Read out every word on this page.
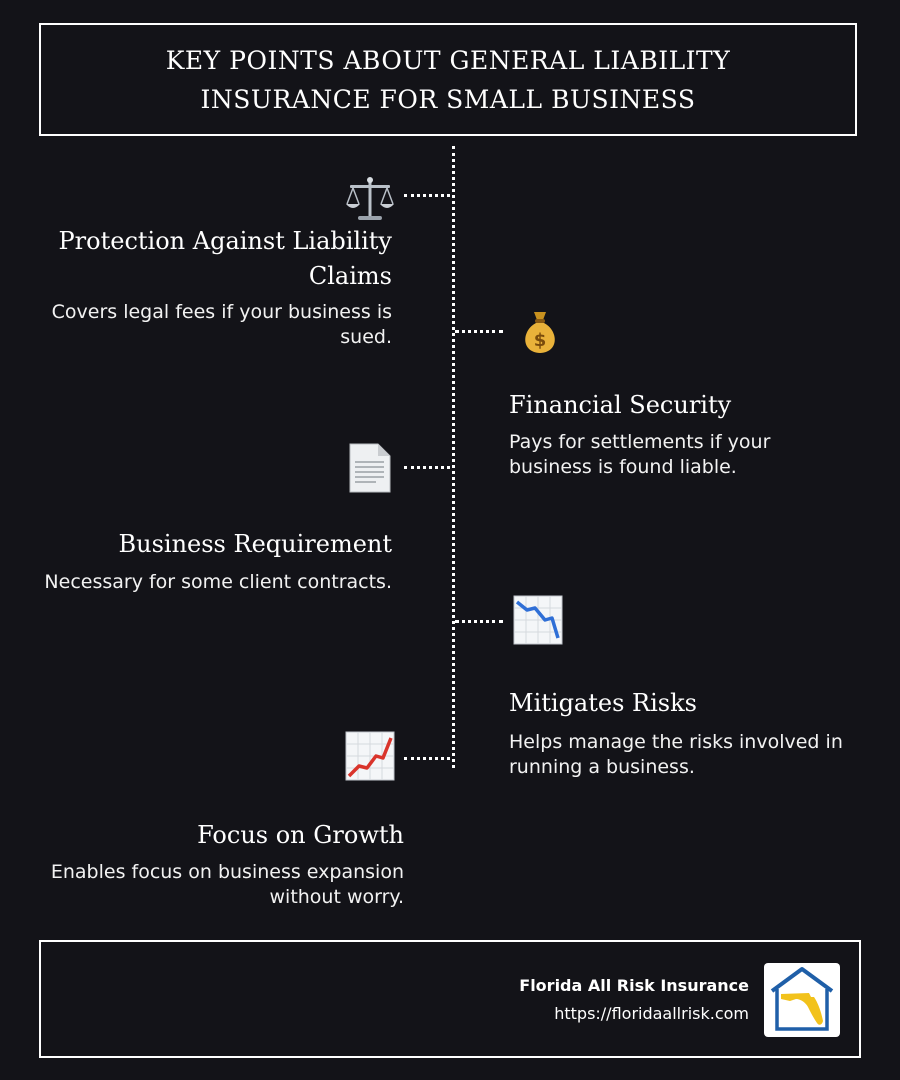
KEY POINTS ABOUT GENERAL LIABILITY INSURANCE FOR SMALL BUSINESS
Protection Against Liability Claims
Covers legal fees if your business is sued.	$
Financial Security
Pays for settlements if your business is found liable.
Business Requirement
Necessary for some client contracts.
Mitigates Risks
Helps manage the risks involved in running a business.
Focus on Growth
Enables focus on business expansion without worry.
Florida All Risk Insurance
https://floridaallrisk.com
